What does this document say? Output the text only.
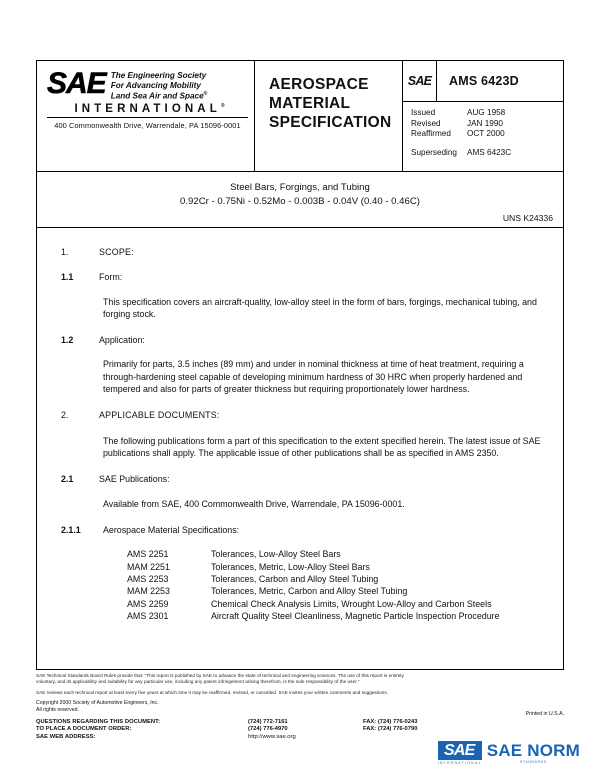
SAE The Engineering Society
For Advancing Mobility
Land Sea Air and Space®
INTERNATIONAL®
400 Commonwealth Drive, Warrendale, PA 15096-0001
AEROSPACE
MATERIAL
SPECIFICATION
SAE	AMS 6423D
Issued	AUG 1958
Revised	JAN 1990
Reaffirmed	OCT 2000
Superseding	AMS 6423C
Steel Bars, Forgings, and Tubing
0.92Cr - 0.75Ni - 0.52Mo - 0.003B - 0.04V (0.40 - 0.46C)
UNS K24336
1.	SCOPE:
1.1	Form:

This specification covers an aircraft-quality, low-alloy steel in the form of bars, forgings, mechanical tubing, and forging stock.

1.2	Application:

Primarily for parts, 3.5 inches (89 mm) and under in nominal thickness at time of heat treatment, requiring a through-hardening steel capable of developing minimum hardness of 30 HRC when properly hardened and tempered and also for parts of greater thickness but requiring proportionately lower hardness.

2.	APPLICABLE DOCUMENTS:

The following publications form a part of this specification to the extent specified herein. The latest issue of SAE publications shall apply. The applicable issue of other publications shall be as specified in AMS 2350.

2.1	SAE Publications:

Available from SAE, 400 Commonwealth Drive, Warrendale, PA 15096-0001.

2.1.1	Aerospace Material Specifications:
AMS 2251	Tolerances, Low-Alloy Steel Bars
MAM 2251	Tolerances, Metric, Low-Alloy Steel Bars
AMS 2253	Tolerances, Carbon and Alloy Steel Tubing
MAM 2253	Tolerances, Metric, Carbon and Alloy Steel Tubing
AMS 2259	Chemical Check Analysis Limits, Wrought Low-Alloy and Carbon Steels
AMS 2301	Aircraft Quality Steel Cleanliness, Magnetic Particle Inspection Procedure
SAE Technical Standards Board Rules provide that: "This report is published by SAE to advance the state of technical and engineering sciences. The use of this report is entirely
voluntary, and its applicability and suitability for any particular use, including any patent infringement arising therefrom, is the sole responsibility of the user."
SAE reviews each technical report at least every five years at which time it may be reaffirmed, revised, or cancelled. SAE invites your written comments and suggestions.
Copyright 2000 Society of Automotive Engineers, Inc.
All rights reserved.
Printed in U.S.A.
QUESTIONS REGARDING THIS DOCUMENT:	(724) 772-7161	FAX: (724) 776-0243
TO PLACE A DOCUMENT ORDER:	(724) 776-4970	FAX: (724) 776-0790
SAE WEB ADDRESS:	http://www.sae.org
SAE
INTERNATIONAL
SAE NORM
STANDARDS
